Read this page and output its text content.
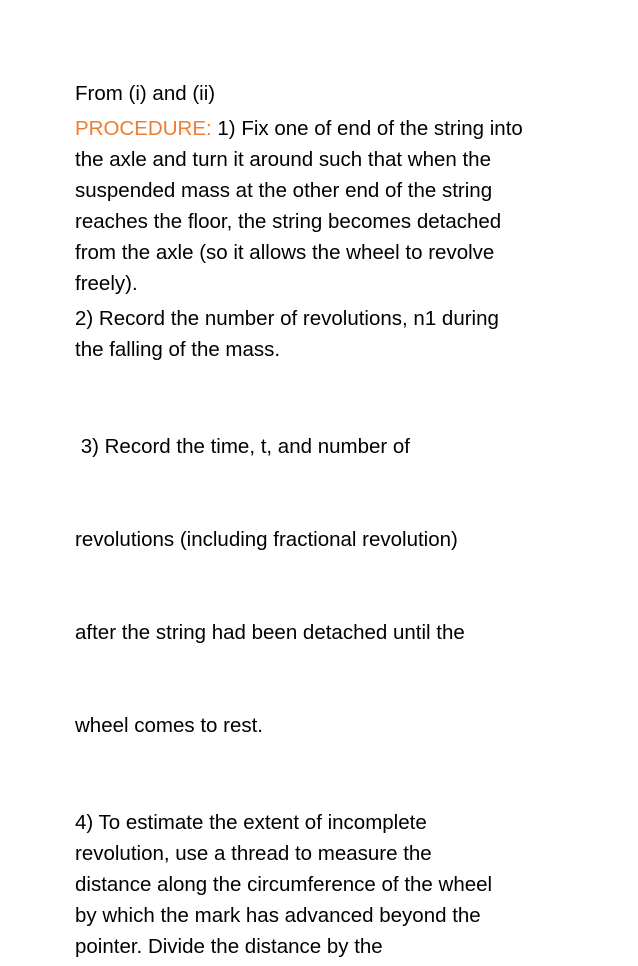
From (i) and (ii)

PROCEDURE: 1) Fix one of end of the string into
the axle and turn it around such that when the
suspended mass at the other end of the string
reaches the floor, the string becomes detached
from the axle (so it allows the wheel to revolve
freely).

2) Record the number of revolutions, n1 during
the falling of the mass.

3) Record the time, t, and number of

revolutions (including fractional revolution)

after the string had been detached until the

wheel comes to rest.

4) To estimate the extent of incomplete
revolution, use a thread to measure the
distance along the circumference of the wheel
by which the mark has advanced beyond the
pointer. Divide the distance by the
